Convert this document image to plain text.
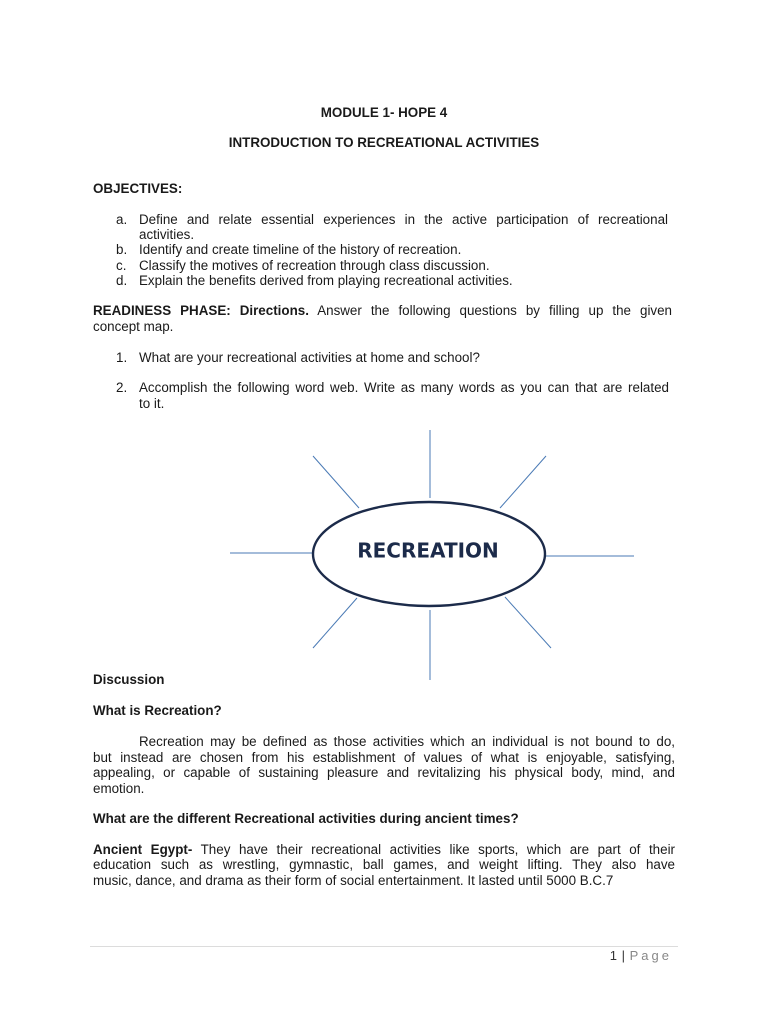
MODULE 1- HOPE 4
INTRODUCTION TO RECREATIONAL ACTIVITIES
OBJECTIVES:
a. Define and relate essential experiences in the active participation of recreational
activities.
b. Identify and create timeline of the history of recreation.
c. Classify the motives of recreation through class discussion.
d. Explain the benefits derived from playing recreational activities.
READINESS PHASE: Directions. Answer the following questions by filling up the given
concept map.
1. What are your recreational activities at home and school?
2. Accomplish the following word web. Write as many words as you can that are related
to it.
RECREATION
Discussion
What is Recreation?
Recreation may be defined as those activities which an individual is not bound to do,
but instead are chosen from his establishment of values of what is enjoyable, satisfying,
appealing, or capable of sustaining pleasure and revitalizing his physical body, mind, and
emotion.
What are the different Recreational activities during ancient times?
Ancient Egypt- They have their recreational activities like sports, which are part of their
education such as wrestling, gymnastic, ball games, and weight lifting. They also have
music, dance, and drama as their form of social entertainment. It lasted until 5000 B.C.7
1 | Page
